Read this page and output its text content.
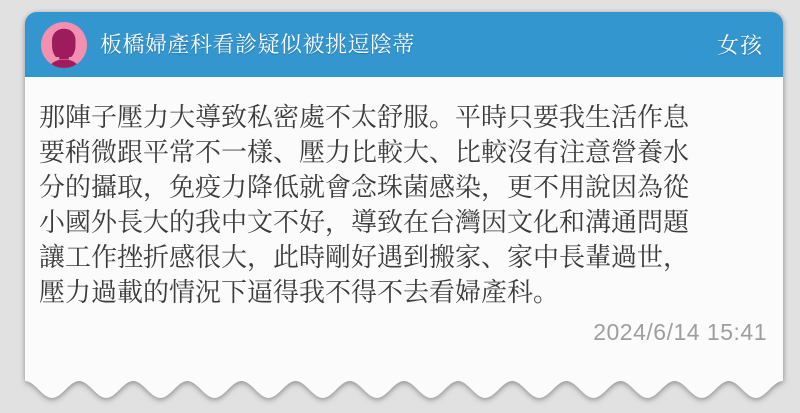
板橋婦產科看診疑似被挑逗陰蒂	女孩
那陣子壓力大導致私密處不太舒服。平時只要我生活作息
要稍微跟平常不一樣、壓力比較大、比較沒有注意營養水
分的攝取，免疫力降低就會念珠菌感染，更不用說因為從
小國外長大的我中文不好，導致在台灣因文化和溝通問題
讓工作挫折感很大，此時剛好遇到搬家、家中長輩過世，
壓力過載的情況下逼得我不得不去看婦產科。
2024/6/14 15:41
